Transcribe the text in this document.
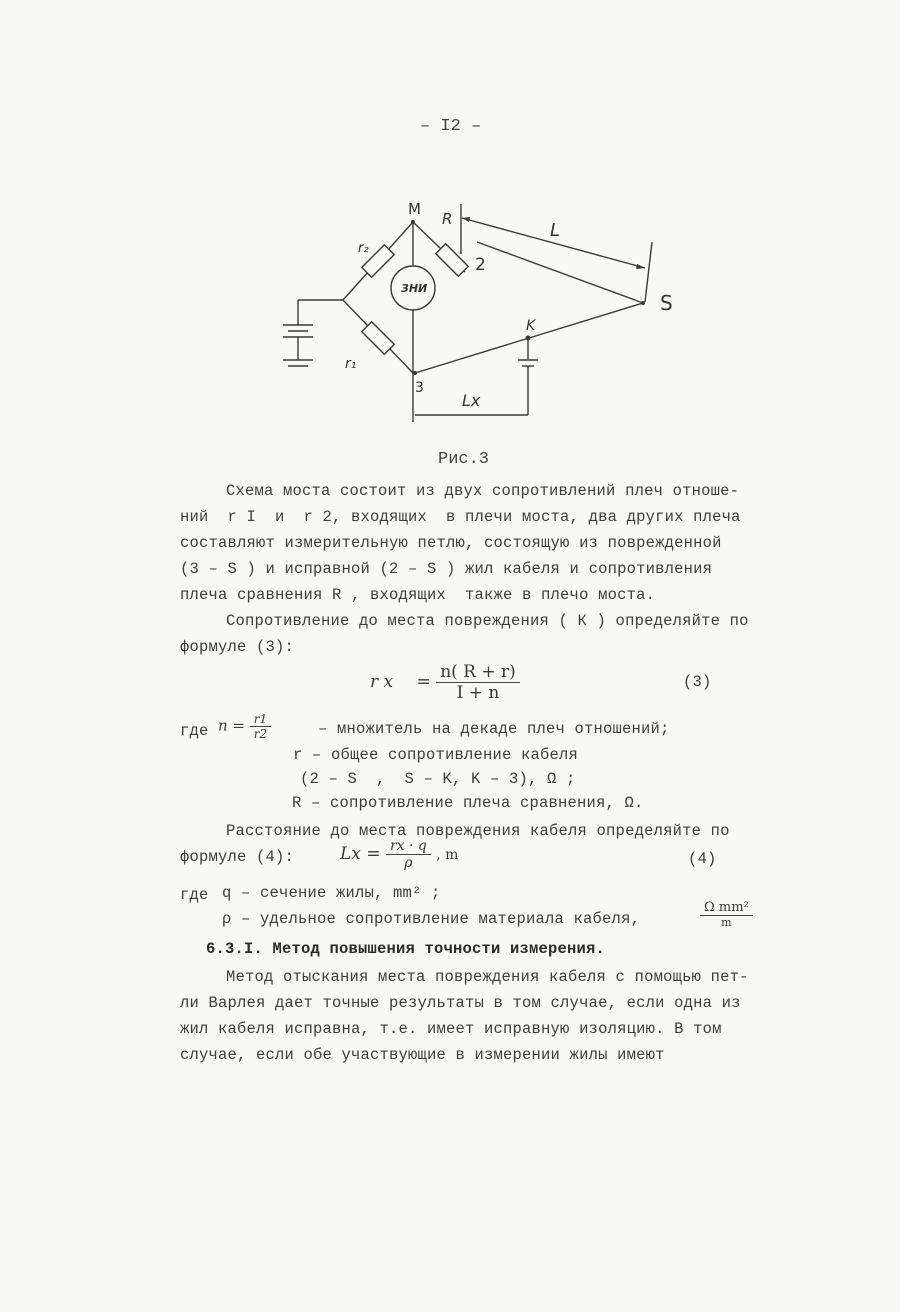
– I2 –
M
R
L
2
S
r₂
r₁
ЗНИ
K
3
Lx
Рис.3
Схема моста состоит из двух сопротивлений плеч отноше-
ний  r I  и  r 2, входящих  в плечи моста, два других плеча
составляют измерительную петлю, состоящую из поврежденной
(3 – S ) и исправной (2 – S ) жил кабеля и сопротивления
плеча сравнения R , входящих  также в плечо моста.
Сопротивление до места повреждения ( К ) определяйте по
формуле (3):
r $x = \frac{n( R + r)}{I + n}$	(3)
где $n = \frac{r1}{r2}$	– множитель на декаде плеч отношений;
r – общее сопротивление кабеля
(2 – S  ,  S – K, K – 3), Ω ;
R – сопротивление плеча сравнения, Ω.
Расстояние до места повреждения кабеля определяйте по
формуле (4):	$Lx = \frac{rx \cdot q}{\rho}$ , m	(4)
где q – сечение жилы, mm² ;
ρ – удельное сопротивление материала кабеля,	$\frac{\text{Ω mm²}}{m}$
6.3.I. Метод повышения точности измерения.
Метод отыскания места повреждения кабеля с помощью пет-
ли Варлея дает точные результаты в том случае, если одна из
жил кабеля исправна, т.е. имеет исправную изоляцию. В том
случае, если обе участвующие в измерении жилы имеют
